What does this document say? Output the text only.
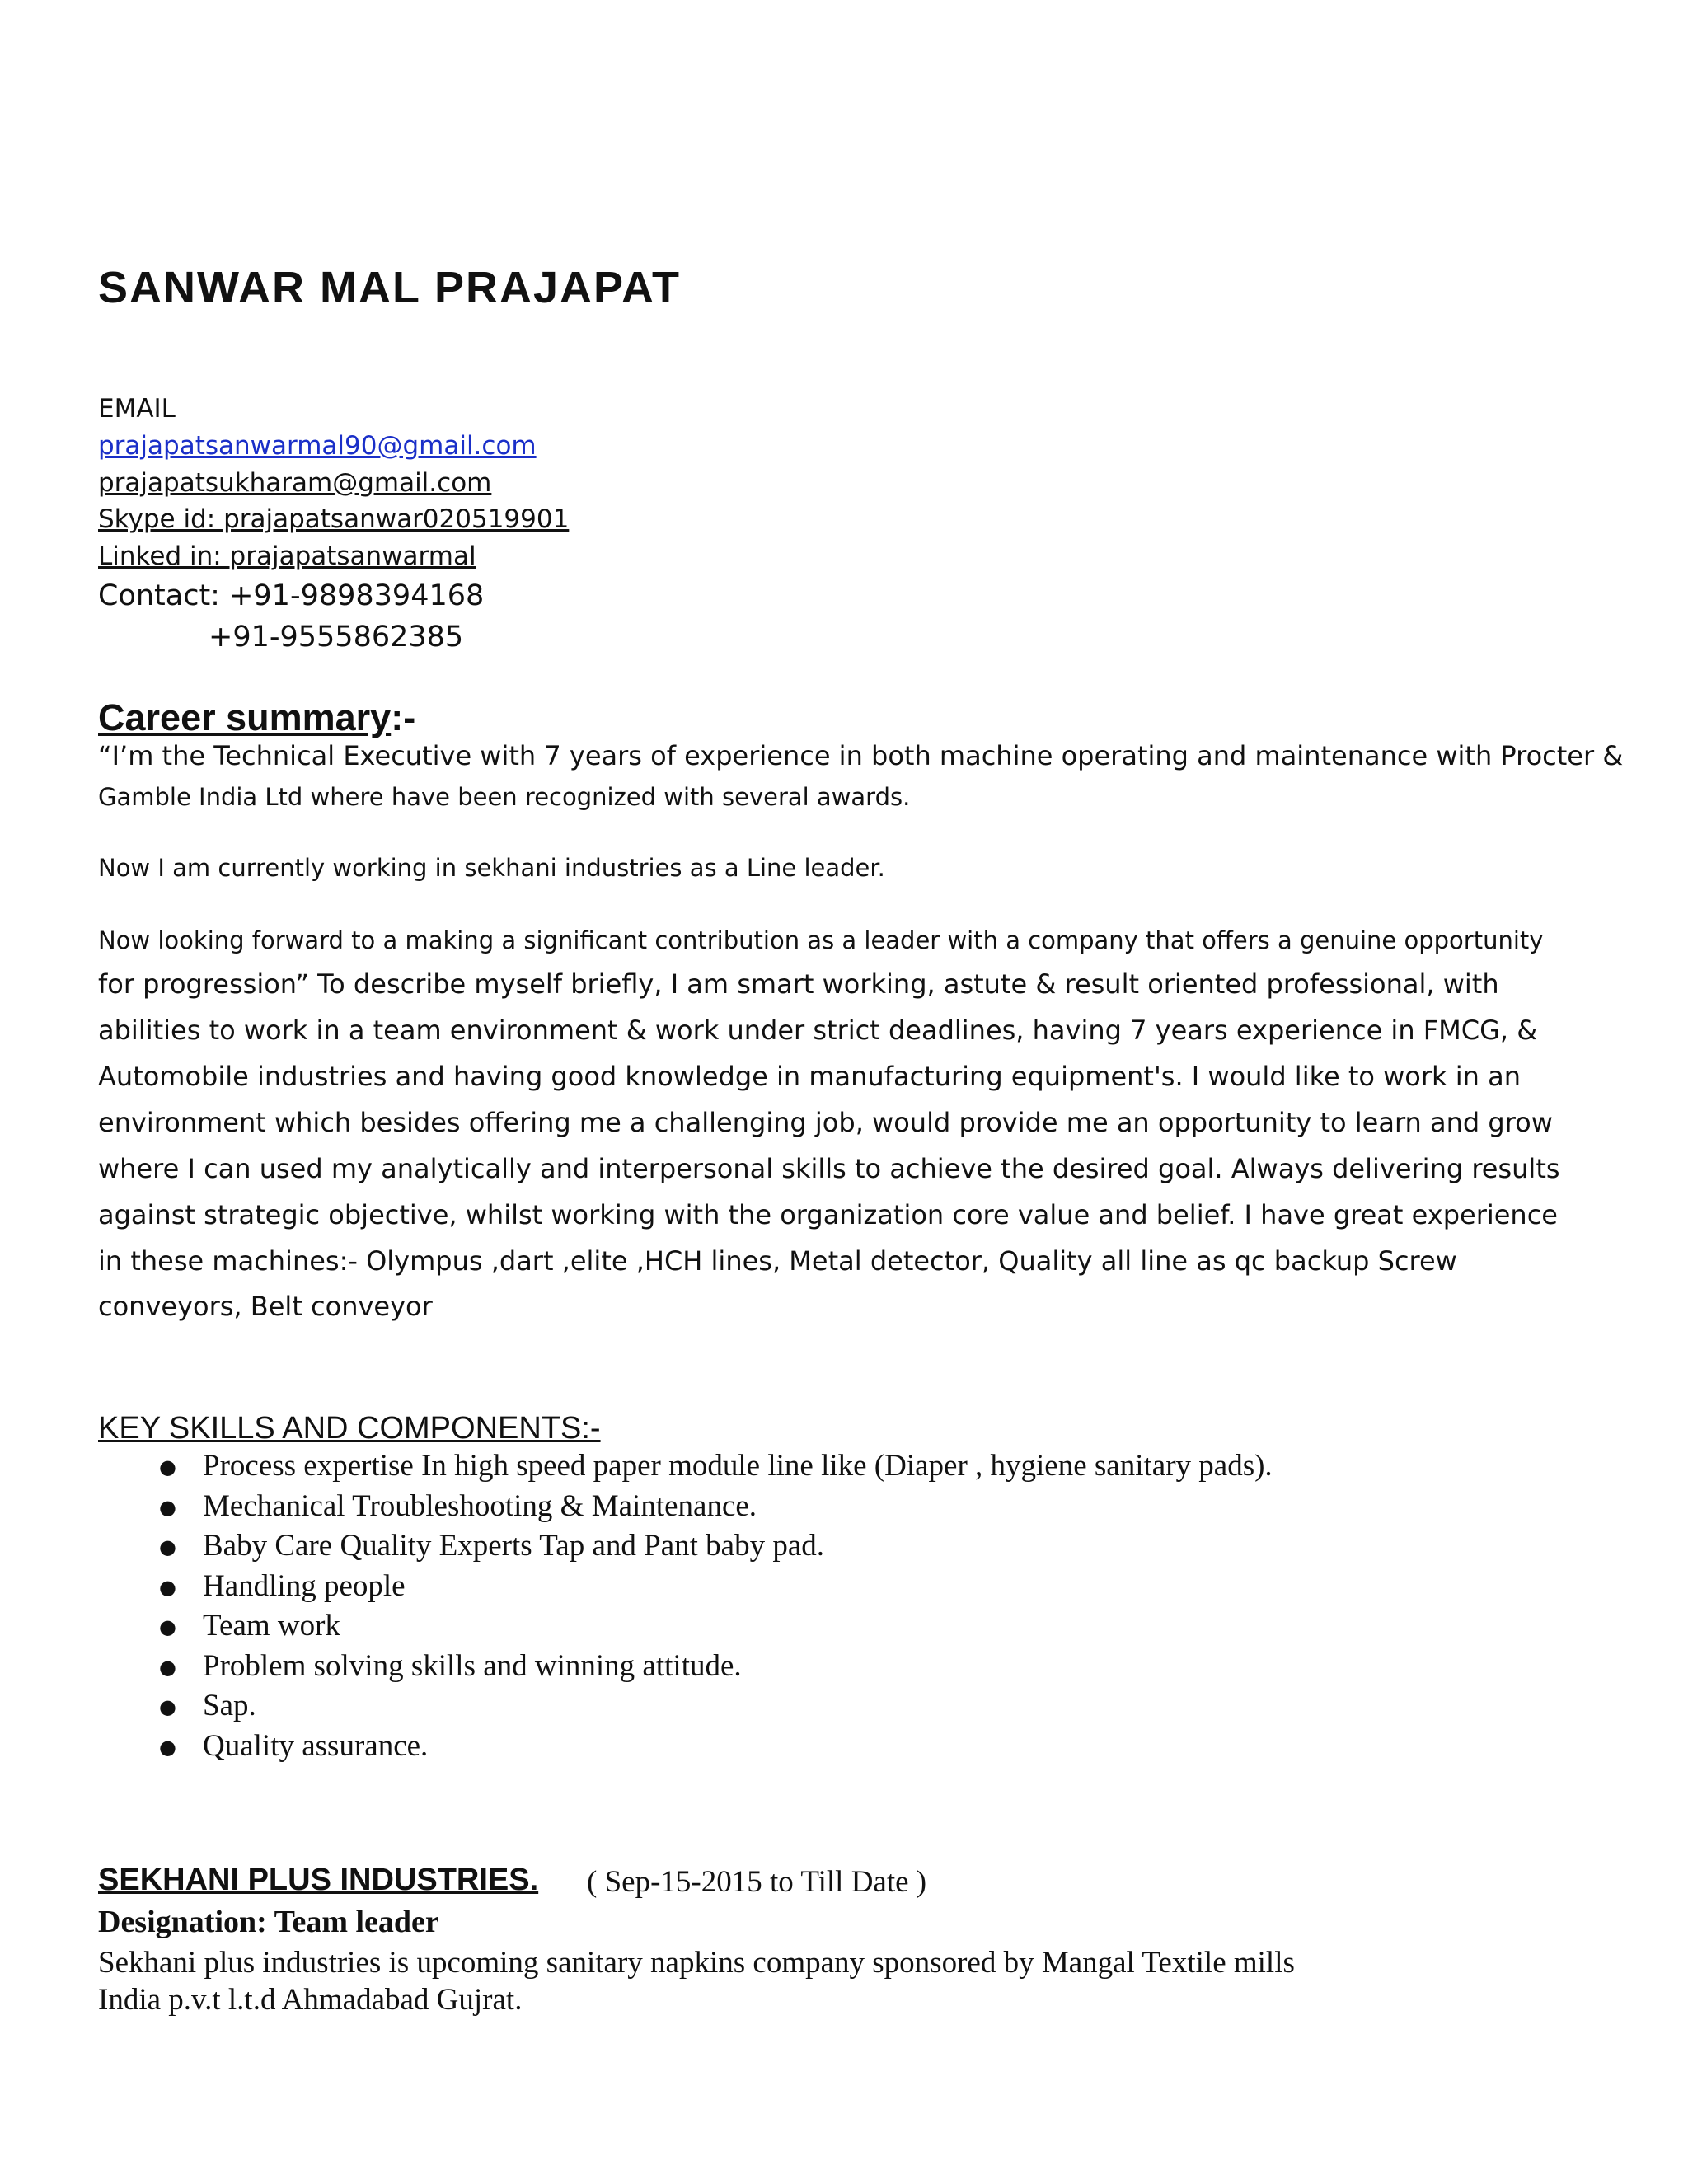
SANWAR MAL PRAJAPAT
EMAIL
prajapatsanwarmal90@gmail.com
prajapatsukharam@gmail.com
Skype id: prajapatsanwar020519901
Linked in: prajapatsanwarmal
Contact: +91-9898394168
+91-9555862385
Career summary:-
“I’m the Technical Executive with 7 years of experience in both machine operating and maintenance with Procter &
Gamble India Ltd where have been recognized with several awards.
Now I am currently working in sekhani industries as a Line leader.
Now looking forward to a making a significant contribution as a leader with a company that offers a genuine opportunity
for progression” To describe myself briefly, I am smart working, astute & result oriented professional, with
abilities to work in a team environment & work under strict deadlines, having 7 years experience in FMCG, &
Automobile industries and having good knowledge in manufacturing equipment's. I would like to work in an
environment which besides offering me a challenging job, would provide me an opportunity to learn and grow
where I can used my analytically and interpersonal skills to achieve the desired goal. Always delivering results
against strategic objective, whilst working with the organization core value and belief. I have great experience
in these machines:- Olympus ,dart ,elite ,HCH lines, Metal detector, Quality all line as qc backup Screw
conveyors, Belt conveyor
KEY SKILLS AND COMPONENTS:-
● Process expertise In high speed paper module line like (Diaper , hygiene sanitary pads).
● Mechanical Troubleshooting & Maintenance.
● Baby Care Quality Experts Tap and Pant baby pad.
● Handling people
● Team work
● Problem solving skills and winning attitude.
● Sap.
● Quality assurance.
SEKHANI PLUS INDUSTRIES. ( Sep-15-2015 to Till Date )
Designation: Team leader
Sekhani plus industries is upcoming sanitary napkins company sponsored by Mangal Textile mills
India p.v.t l.t.d Ahmadabad Gujrat.
